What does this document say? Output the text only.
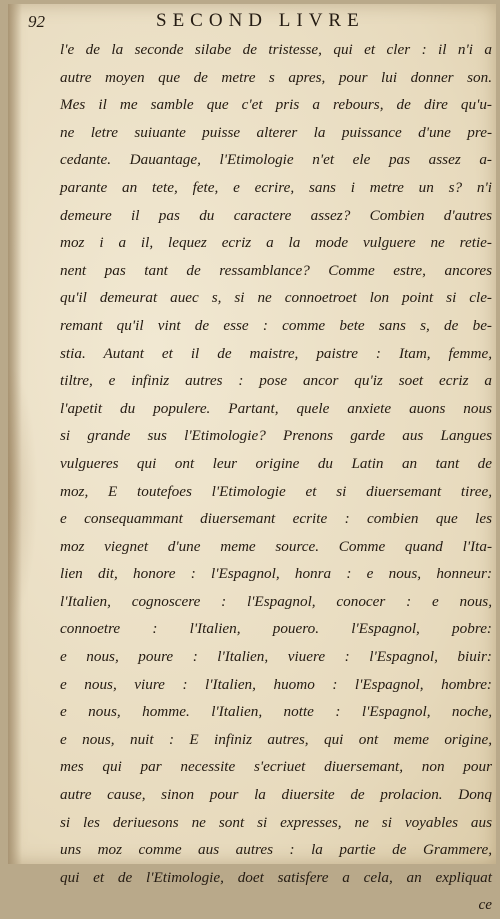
92	SECOND LIVRE
l'e de la seconde silabe de tristesse, qui et cler : il n'i a
autre moyen que de metre s apres, pour lui donner son.
Mes il me samble que c'et pris a rebours, de dire qu'u-
ne letre suiuante puisse alterer la puissance d'une pre-
cedante. Dauantage, l'Etimologie n'et ele pas assez a-
parante an tete, fete, e ecrire, sans i metre un s? n'i
demeure il pas du caractere assez? Combien d'autres
moz i a il, lequez ecriz a la mode vulguere ne retie-
nent pas tant de ressamblance? Comme estre, ancores
qu'il demeurat auec s, si ne connoetroet lon point si cle-
remant qu'il vint de esse : comme bete sans s, de be-
stia. Autant et il de maistre, paistre : Itam, femme,
tiltre, e infiniz autres : pose ancor qu'iz soet ecriz a
l'apetit du populere. Partant, quele anxiete auons nous
si grande sus l'Etimologie? Prenons garde aus Langues
vulgueres qui ont leur origine du Latin an tant de
moz, E toutefoes l'Etimologie et si diuersemant tiree,
e consequammant diuersemant ecrite : combien que les
moz viegnet d'une meme source. Comme quand l'Ita-
lien dit, honore : l'Espagnol, honra : e nous, honneur:
l'Italien, cognoscere : l'Espagnol, conocer : e nous,
connoetre : l'Italien, pouero. l'Espagnol, pobre:
e nous, poure : l'Italien, viuere : l'Espagnol, biuir:
e nous, viure : l'Italien, huomo : l'Espagnol, hombre:
e nous, homme. l'Italien, notte : l'Espagnol, noche,
e nous, nuit : E infiniz autres, qui ont meme origine,
mes qui par necessite s'ecriuet diuersemant, non pour
autre cause, sinon pour la diuersite de prolacion. Donq
si les deriuesons ne sont si expresses, ne si voyables aus
uns moz comme aus autres : la partie de Grammere,
qui et de l'Etimologie, doet satisfere a cela, an expliquat
ce
